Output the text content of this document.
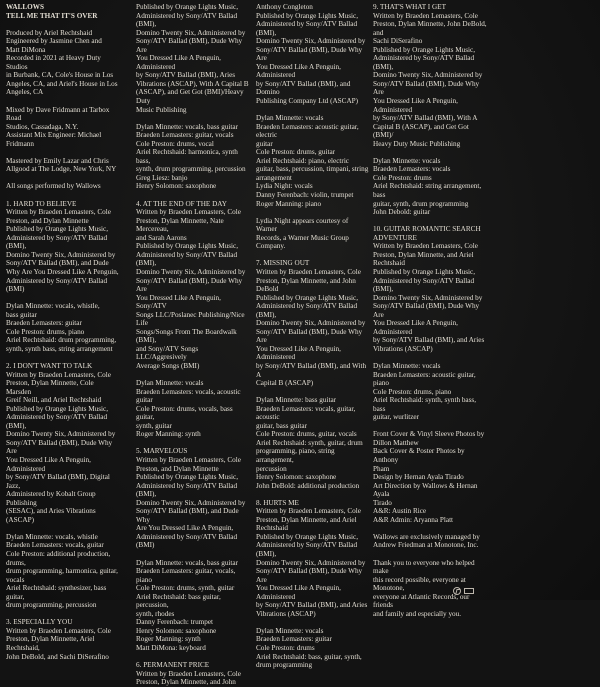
WALLOWS
TELL ME THAT IT'S OVER
Produced by Ariel Rechtshaid
Engineered by Jasmine Chen and
Matt DiMona
Recorded in 2021 at Heavy Duty Studios
in Burbank, CA, Cole's House in Los
Angeles, CA, and Ariel's House in Los
Angeles, CA
Mixed by Dave Fridmann at Tarbox Road
Studios, Cassadaga, N.Y.
Assistant Mix Engineer: Michael Fridmann
Mastered by Emily Lazar and Chris
Allgood at The Lodge, New York, NY
All songs performed by Wallows
1. HARD TO BELIEVE
Written by Braeden Lemasters, Cole
Preston, and Dylan Minnette
Published by Orange Lights Music,
Administered by Sony/ATV Ballad (BMI),
Domino Twenty Six, Administered by
Sony/ATV Ballad (BMI), and Dude
Why Are You Dressed Like A Penguin,
Administered by Sony/ATV Ballad (BMI)
Dylan Minnette: vocals, whistle,
bass guitar
Braeden Lemasters: guitar
Cole Preston: drums, piano
Ariel Rechtshaid: drum programming,
synth, synth bass, string arrangement
2. I DON'T WANT TO TALK
Written by Braeden Lemasters, Cole
Preston, Dylan Minnette, Cole Marsden
Greif Neill, and Ariel Rechtshaid
Published by Orange Lights Music,
Administered by Sony/ATV Ballad (BMI),
Domino Twenty Six, Administered by
Sony/ATV Ballad (BMI), Dude Why Are
You Dressed Like A Penguin, Administered
by Sony/ATV Ballad (BMI), Digital Jazz,
Administered by Kobalt Group Publishing
(SESAC), and Aries Vibrations (ASCAP)
Dylan Minnette: vocals, whistle
Braeden Lemasters: vocals, guitar
Cole Preston: additional production, drums,
drum programming, harmonica, guitar,
vocals
Ariel Rechtshaid: synthesizer, bass guitar,
drum programming, percussion
3. ESPECIALLY YOU
Written by Braeden Lemasters, Cole
Preston, Dylan Minnette, Ariel Rechtshaid,
John DeBold, and Sachi DiSerafino
Published by Orange Lights Music,
Administered by Sony/ATV Ballad (BMI),
Domino Twenty Six, Administered by
Sony/ATV Ballad (BMI), Dude Why Are
You Dressed Like A Penguin, Administered
by Sony/ATV Ballad (BMI), Aries
Vibrations (ASCAP), With A Capital B
(ASCAP), and Get Got (BMI)/Heavy Duty
Music Publishing
Dylan Minnette: vocals, bass guitar
Braeden Lemasters: guitar, vocals
Cole Preston: drums, vocal
Ariel Rechtshaid: harmonica, synth bass,
synth, drum programming, percussion
Greg Liesz: banjo
Henry Solomon: saxophone
4. AT THE END OF THE DAY
Written by Braeden Lemasters, Cole
Preston, Dylan Minnette, Nate Mercereau,
and Sarah Aarons
Published by Orange Lights Music,
Administered by Sony/ATV Ballad (BMI),
Domino Twenty Six, Administered by
Sony/ATV Ballad (BMI), Dude Why Are
You Dressed Like A Penguin, Sony/ATV
Songs LLC/Poslanec Publishing/Nice Life
Songs/Songs From The Boardwalk (BMI),
and Sony/ATV Songs LLC/Aggresively
Average Songs (BMI)
Dylan Minnette: vocals
Braeden Lemasters: vocals, acoustic guitar
Cole Preston: drums, vocals, bass guitar,
synth, guitar
Roger Manning: synth
5. MARVELOUS
Written by Braeden Lemasters, Cole
Preston, and Dylan Minnette
Published by Orange Lights Music,
Administered by Sony/ATV Ballad (BMI),
Domino Twenty Six, Administered by
Sony/ATV Ballad (BMI), and Dude Why
Are You Dressed Like A Penguin,
Administered by Sony/ATV Ballad (BMI)
Dylan Minnette: vocals, bass guitar
Braeden Lemasters: guitar, vocals, piano
Cole Preston: drums, synth, guitar
Ariel Rechtshaid: bass guitar, percussion,
synth, rhodes
Danny Ferenbach: trumpet
Henry Solomon: saxophone
Roger Manning: synth
Matt DiMona: keyboard
6. PERMANENT PRICE
Written by Braeden Lemasters, Cole
Preston, Dylan Minnette, and John
Anthony Congleton
Published by Orange Lights Music,
Administered by Sony/ATV Ballad (BMI),
Domino Twenty Six, Administered by
Sony/ATV Ballad (BMI), Dude Why Are
You Dressed Like A Penguin, Administered
by Sony/ATV Ballad (BMI), and Domino
Publishing Company Ltd (ASCAP)
Dylan Minnette: vocals
Braeden Lemasters: acoustic guitar, electric
guitar
Cole Preston: drums, guitar
Ariel Rechtshaid: piano, electric
guitar, bass, percussion, timpani, string
arrangement
Lydia Night: vocals
Danny Ferenbach: violin, trumpet
Roger Manning: piano
Lydia Night appears courtesy of Warner
Records, a Warner Music Group Company.
7. MISSING OUT
Written by Braeden Lemasters, Cole
Preston, Dylan Minnette, and John DeBold
Published by Orange Lights Music,
Administered by Sony/ATV Ballad (BMI),
Domino Twenty Six, Administered by
Sony/ATV Ballad (BMI), Dude Why Are
You Dressed Like A Penguin, Administered
by Sony/ATV Ballad (BMI), and With A
Capital B (ASCAP)
Dylan Minnette: bass guitar
Braeden Lemasters: vocals, guitar, acoustic
guitar, bass guitar
Cole Preston: drums, guitar, vocals
Ariel Rechtshaid: synth, guitar, drum
programming, piano, string arrangement,
percussion
Henry Solomon: saxophone
John DeBold: additional production
8. HURTS ME
Written by Braeden Lemasters, Cole
Preston, Dylan Minnette, and Ariel
Rechtshaid
Published by Orange Lights Music,
Administered by Sony/ATV Ballad (BMI),
Domino Twenty Six, Administered by
Sony/ATV Ballad (BMI), Dude Why Are
You Dressed Like A Penguin, Administered
by Sony/ATV Ballad (BMI), and Aries
Vibrations (ASCAP)
Dylan Minnette: vocals
Braeden Lemasters: guitar
Cole Preston: drums
Ariel Rechtshaid: bass, guitar, synth,
drum programming
9. THAT'S WHAT I GET
Written by Braeden Lemasters, Cole
Preston, Dylan Minnette, John DeBold, and
Sachi DiSerafino
Published by Orange Lights Music,
Administered by Sony/ATV Ballad (BMI),
Domino Twenty Six, Administered by
Sony/ATV Ballad (BMI), Dude Why Are
You Dressed Like A Penguin, Administered
by Sony/ATV Ballad (BMI), With A
Capital B (ASCAP), and Get Got (BMI)/
Heavy Duty Music Publishing
Dylan Minnette: vocals
Braeden Lemasters: vocals
Cole Preston: drums
Ariel Rechtshaid: string arrangement, bass
guitar, synth, drum programming
John Debold: guitar
10. GUITAR ROMANTIC SEARCH
ADVENTURE
Written by Braeden Lemasters, Cole
Preston, Dylan Minnette, and Ariel
Rechtshaid
Published by Orange Lights Music,
Administered by Sony/ATV Ballad (BMI),
Domino Twenty Six, Administered by
Sony/ATV Ballad (BMI), Dude Why Are
You Dressed Like A Penguin, Administered
by Sony/ATV Ballad (BMI), and Aries
Vibrations (ASCAP)
Dylan Minnette: vocals
Braeden Lemasters: acoustic guitar, piano
Cole Preston: drums, piano
Ariel Rechtshaid: synth, synth bass, bass
guitar, wurlitzer
Front Cover & Vinyl Sleeve Photos by
Dillon Matthew
Back Cover & Poster Photos by Anthony
Pham
Design by Hernan Ayala Tirado
Art Direction by Wallows & Hernan Ayala
Tirado
A&R: Austin Rice
A&R Admin: Aryanna Platt
Wallows are exclusively managed by
Andrew Friedman at Monotone, Inc.
Thank you to everyone who helped make
this record possible, everyone at Monotone,
everyone at Atlantic Records, our friends
and family and especially you.
